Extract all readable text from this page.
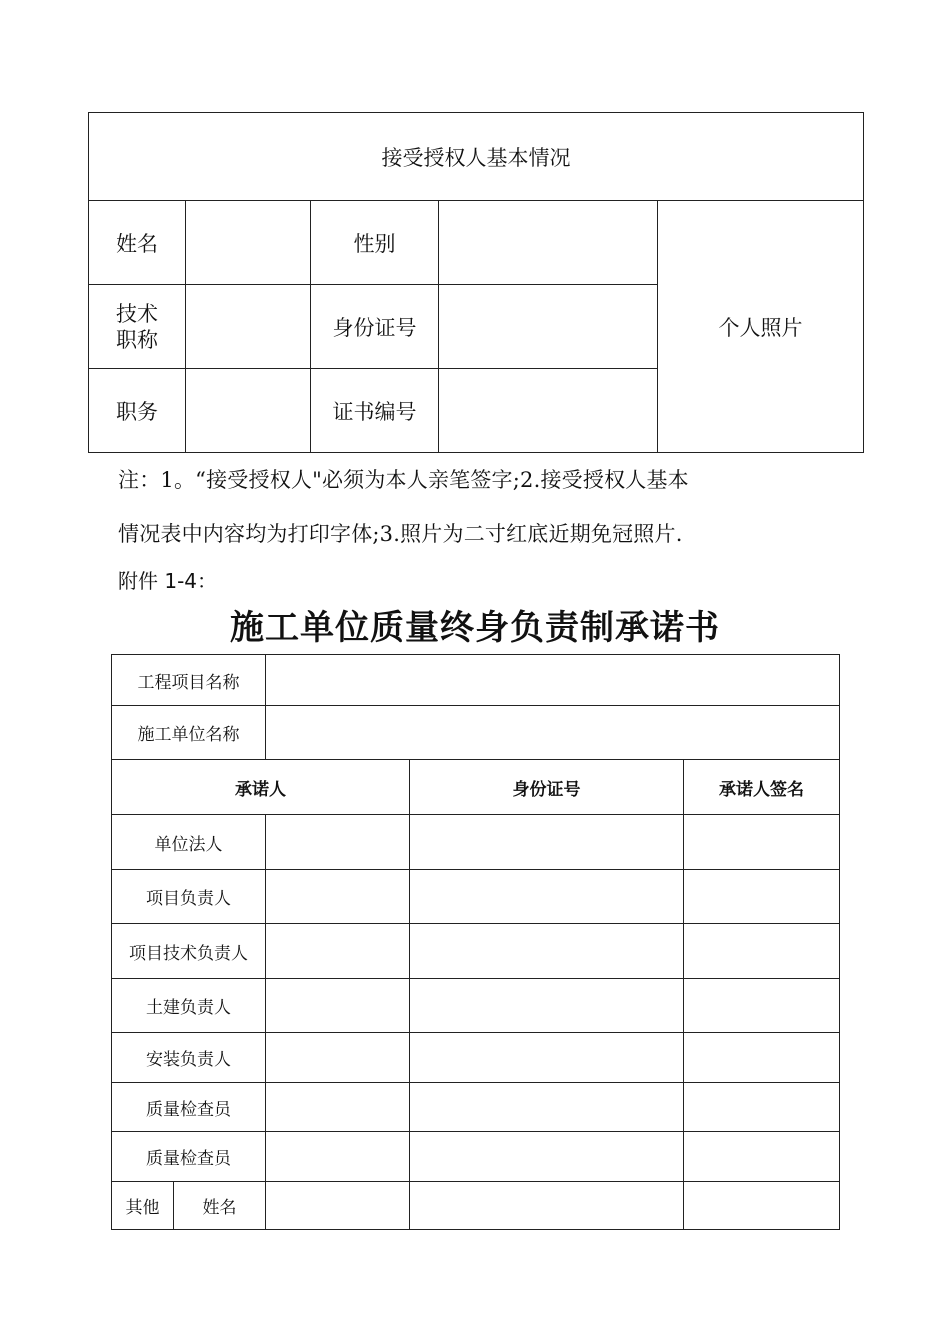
接受授权人基本情况				
姓名		性别		个人照片
技术
职称		身份证号		
职务		证书编号		
注：1。“接受授权人"必须为本人亲笔签字;2.接受授权人基本
情况表中内容均为打印字体;3.照片为二寸红底近期免冠照片.
附件 1-4：
施工单位质量终身负责制承诺书
工程项目名称				
施工单位名称				
承诺人			身份证号	承诺人签名
单位法人				
项目负责人				
项目技术负责人				
土建负责人				
安装负责人				
质量检查员				
质量检查员				
其他	姓名			
